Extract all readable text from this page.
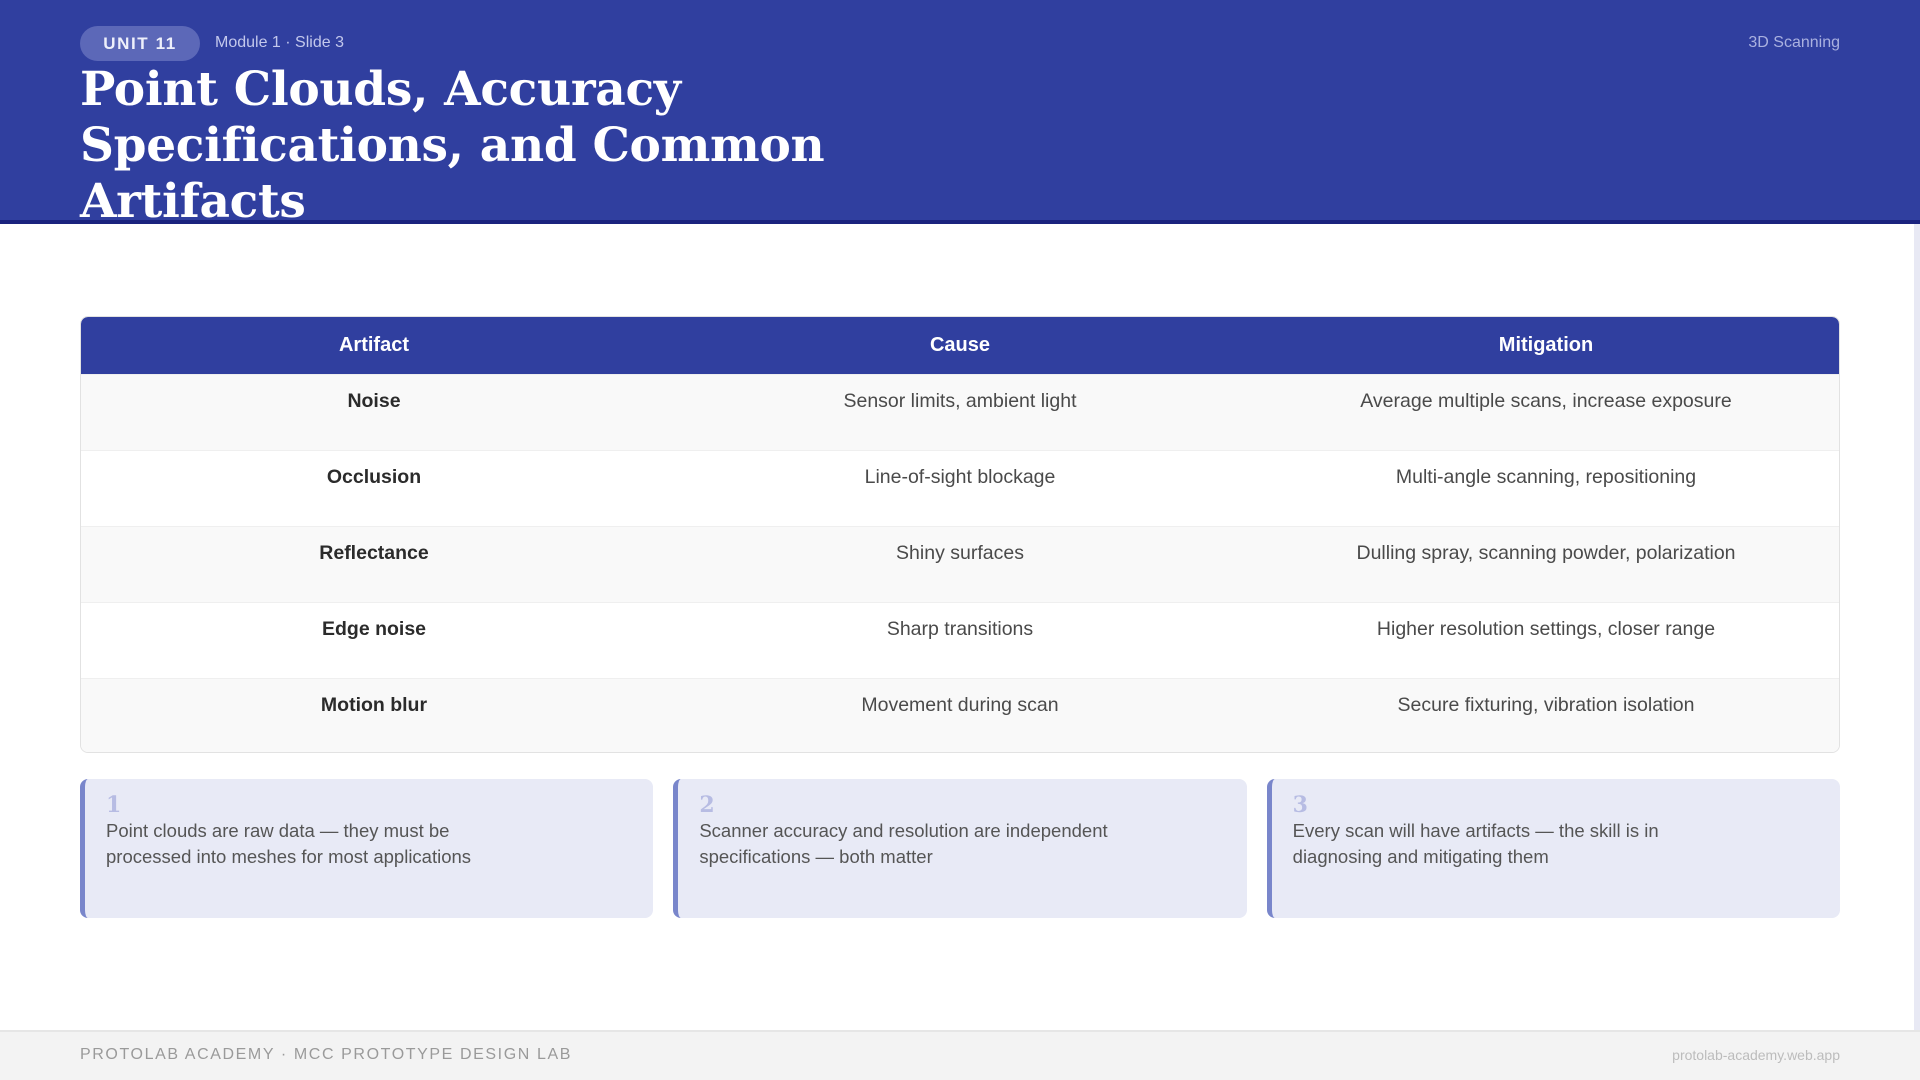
UNIT 11	Module 1 · Slide 3	3D Scanning
Point Clouds, Accuracy Specifications, and Common Artifacts
Artifact	Cause	Mitigation
Noise	Sensor limits, ambient light	Average multiple scans, increase exposure
Occlusion	Line-of-sight blockage	Multi-angle scanning, repositioning
Reflectance	Shiny surfaces	Dulling spray, scanning powder, polarization
Edge noise	Sharp transitions	Higher resolution settings, closer range
Motion blur	Movement during scan	Secure fixturing, vibration isolation
1
Point clouds are raw data — they must be processed into meshes for most applications
2
Scanner accuracy and resolution are independent specifications — both matter
3
Every scan will have artifacts — the skill is in diagnosing and mitigating them
PROTOLAB ACADEMY · MCC PROTOTYPE DESIGN LAB	protolab-academy.web.app
